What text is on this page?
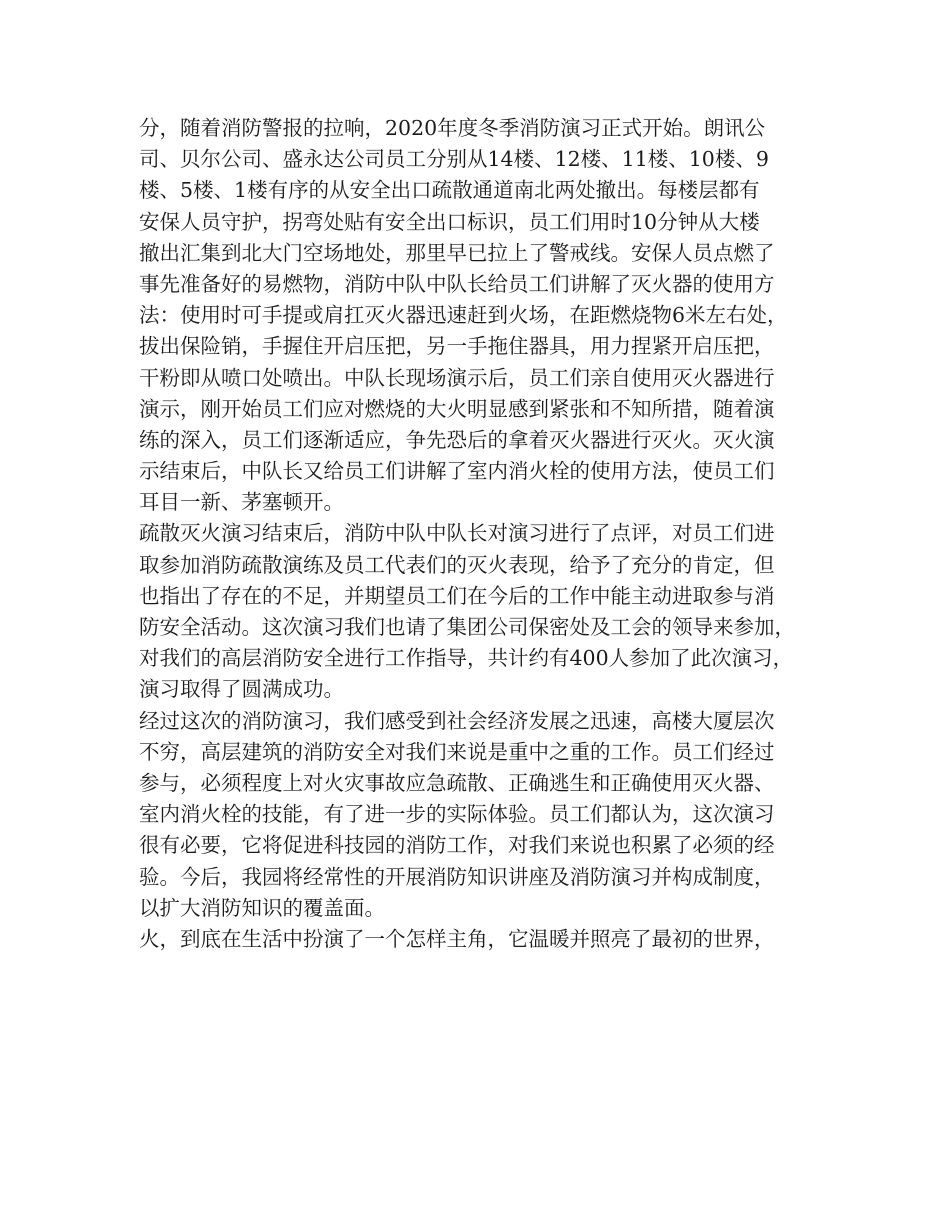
分，随着消防警报的拉响，2020年度冬季消防演习正式开始。朗讯公
司、贝尔公司、盛永达公司员工分别从14楼、12楼、11楼、10楼、9
楼、5楼、1楼有序的从安全出口疏散通道南北两处撤出。每楼层都有
安保人员守护，拐弯处贴有安全出口标识，员工们用时10分钟从大楼
撤出汇集到北大门空场地处，那里早已拉上了警戒线。安保人员点燃了
事先准备好的易燃物，消防中队中队长给员工们讲解了灭火器的使用方
法：使用时可手提或肩扛灭火器迅速赶到火场，在距燃烧物6米左右处，
拔出保险销，手握住开启压把，另一手拖住器具，用力捏紧开启压把，
干粉即从喷口处喷出。中队长现场演示后，员工们亲自使用灭火器进行
演示，刚开始员工们应对燃烧的大火明显感到紧张和不知所措，随着演
练的深入，员工们逐渐适应，争先恐后的拿着灭火器进行灭火。灭火演
示结束后，中队长又给员工们讲解了室内消火栓的使用方法，使员工们
耳目一新、茅塞顿开。
疏散灭火演习结束后，消防中队中队长对演习进行了点评，对员工们进
取参加消防疏散演练及员工代表们的灭火表现，给予了充分的肯定，但
也指出了存在的不足，并期望员工们在今后的工作中能主动进取参与消
防安全活动。这次演习我们也请了集团公司保密处及工会的领导来参加，
对我们的高层消防安全进行工作指导，共计约有400人参加了此次演习，
演习取得了圆满成功。
经过这次的消防演习，我们感受到社会经济发展之迅速，高楼大厦层次
不穷，高层建筑的消防安全对我们来说是重中之重的工作。员工们经过
参与，必须程度上对火灾事故应急疏散、正确逃生和正确使用灭火器、
室内消火栓的技能，有了进一步的实际体验。员工们都认为，这次演习
很有必要，它将促进科技园的消防工作，对我们来说也积累了必须的经
验。今后，我园将经常性的开展消防知识讲座及消防演习并构成制度，
以扩大消防知识的覆盖面。
火，到底在生活中扮演了一个怎样主角，它温暖并照亮了最初的世界，
